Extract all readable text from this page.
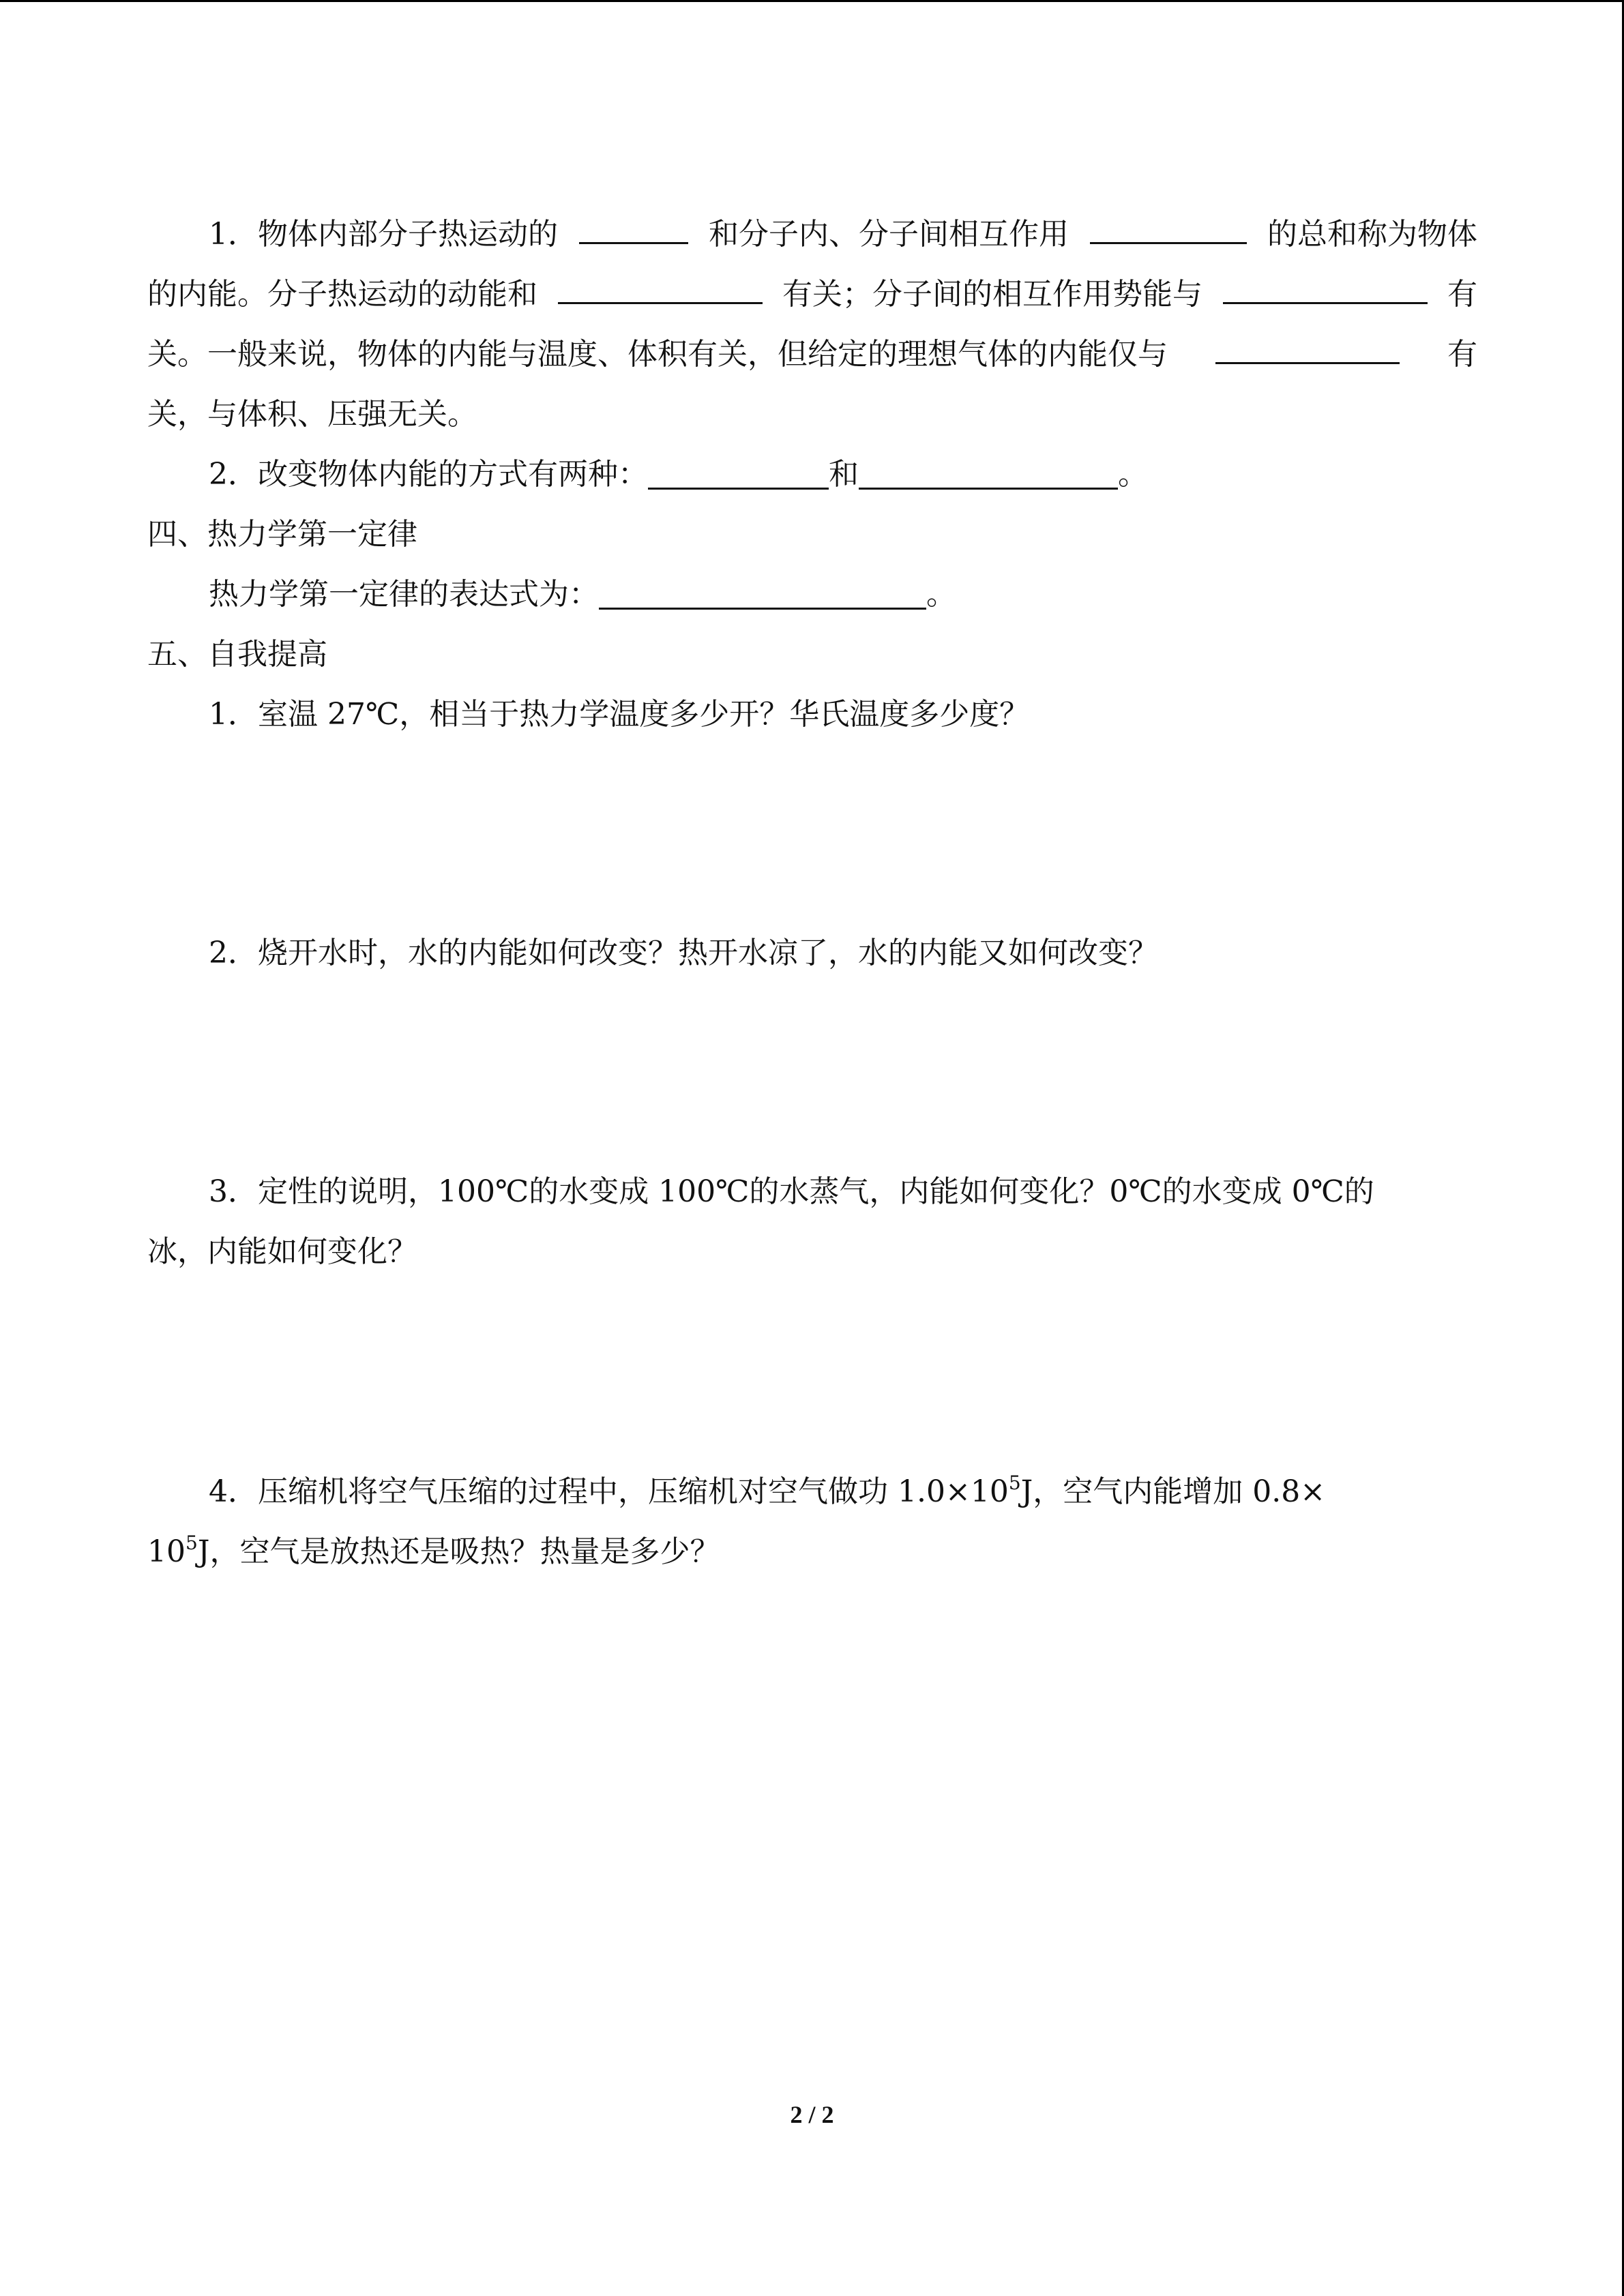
1．物体内部分子热运动的	和分子内、分子间相互作用	的总和称为物体
的内能。分子热运动的动能和	有关；分子间的相互作用势能与	有
关。一般来说，物体的内能与温度、体积有关，但给定的理想气体的内能仅与	有
关，与体积、压强无关。
2．改变物体内能的方式有两种：	和	。
四、热力学第一定律
热力学第一定律的表达式为：	。
五、自我提高
1．室温 27℃，相当于热力学温度多少开？华氏温度多少度？
2．烧开水时，水的内能如何改变？热开水凉了，水的内能又如何改变？
3．定性的说明，100℃的水变成 100℃的水蒸气，内能如何变化？0℃的水变成 0℃的
冰，内能如何变化？
4．压缩机将空气压缩的过程中，压缩机对空气做功 $1.0\times 10^5J$，空气内能增加 0.8×
$10^5J$，空气是放热还是吸热？热量是多少？
2 / 2
